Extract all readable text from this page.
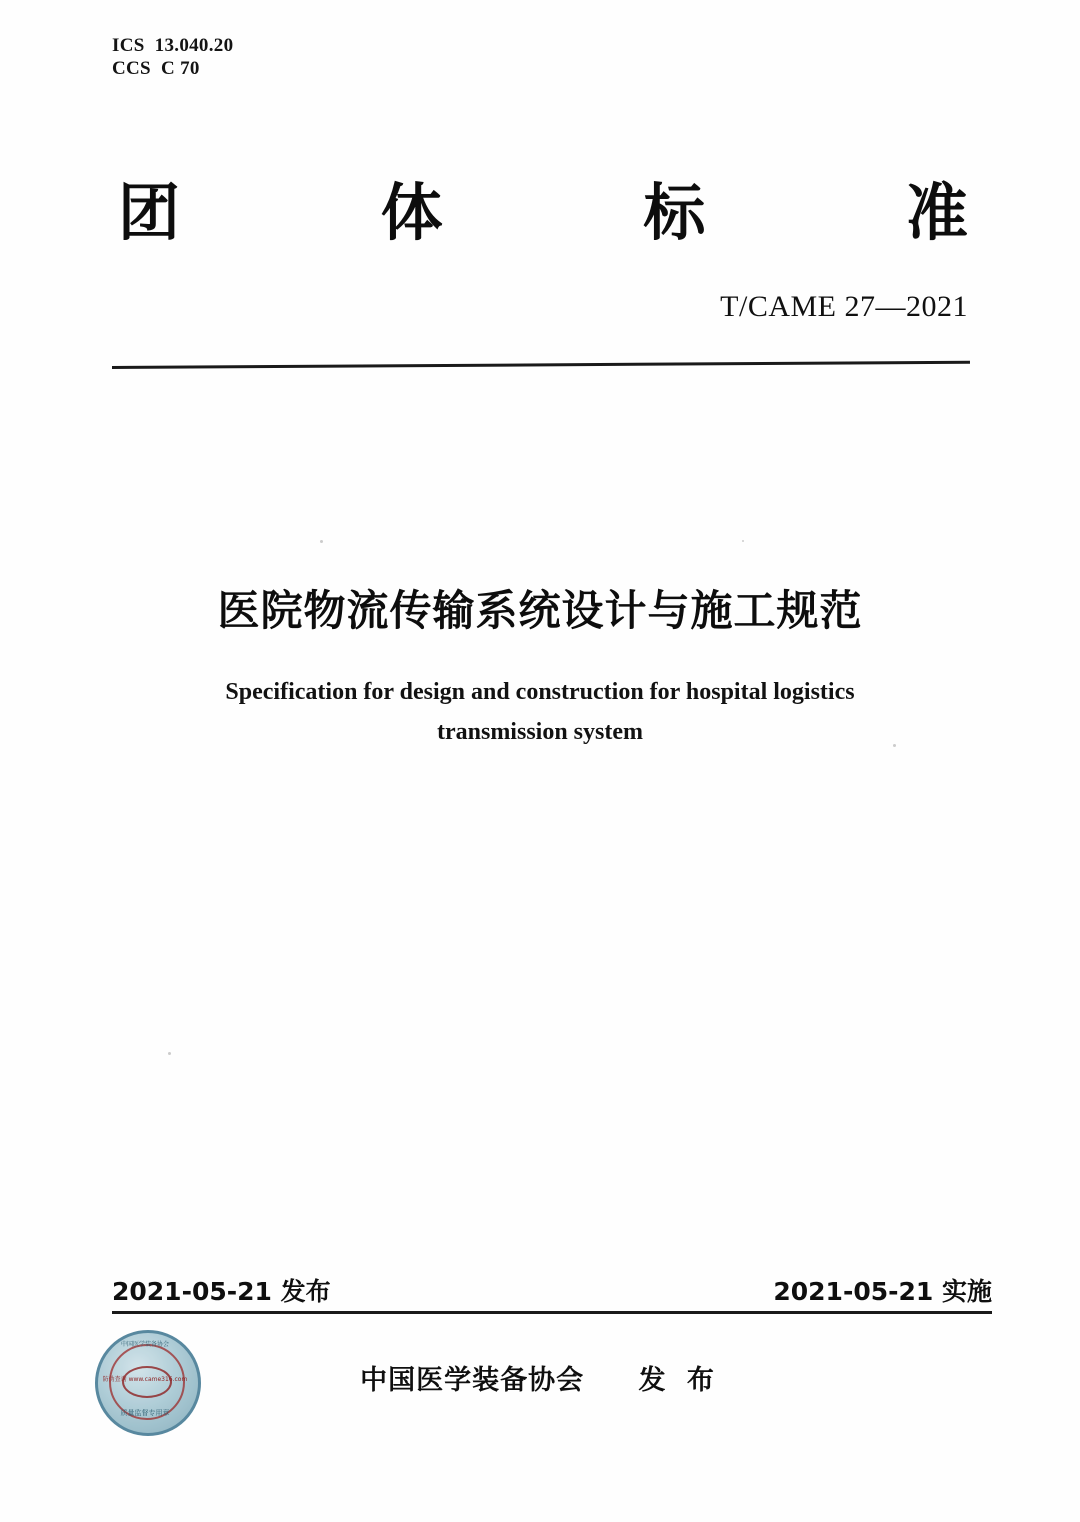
ICS  13.040.20
CCS  C 70
团	体	标	准
T/CAME 27—2021
医院物流传输系统设计与施工规范
Specification for design and construction for hospital logistics
transmission system
2021-05-21 发布	2021-05-21 实施
中国医学装备协会 发 布
中国医学装备协会
防伪查询 www.came316.com
质量监督专用章
